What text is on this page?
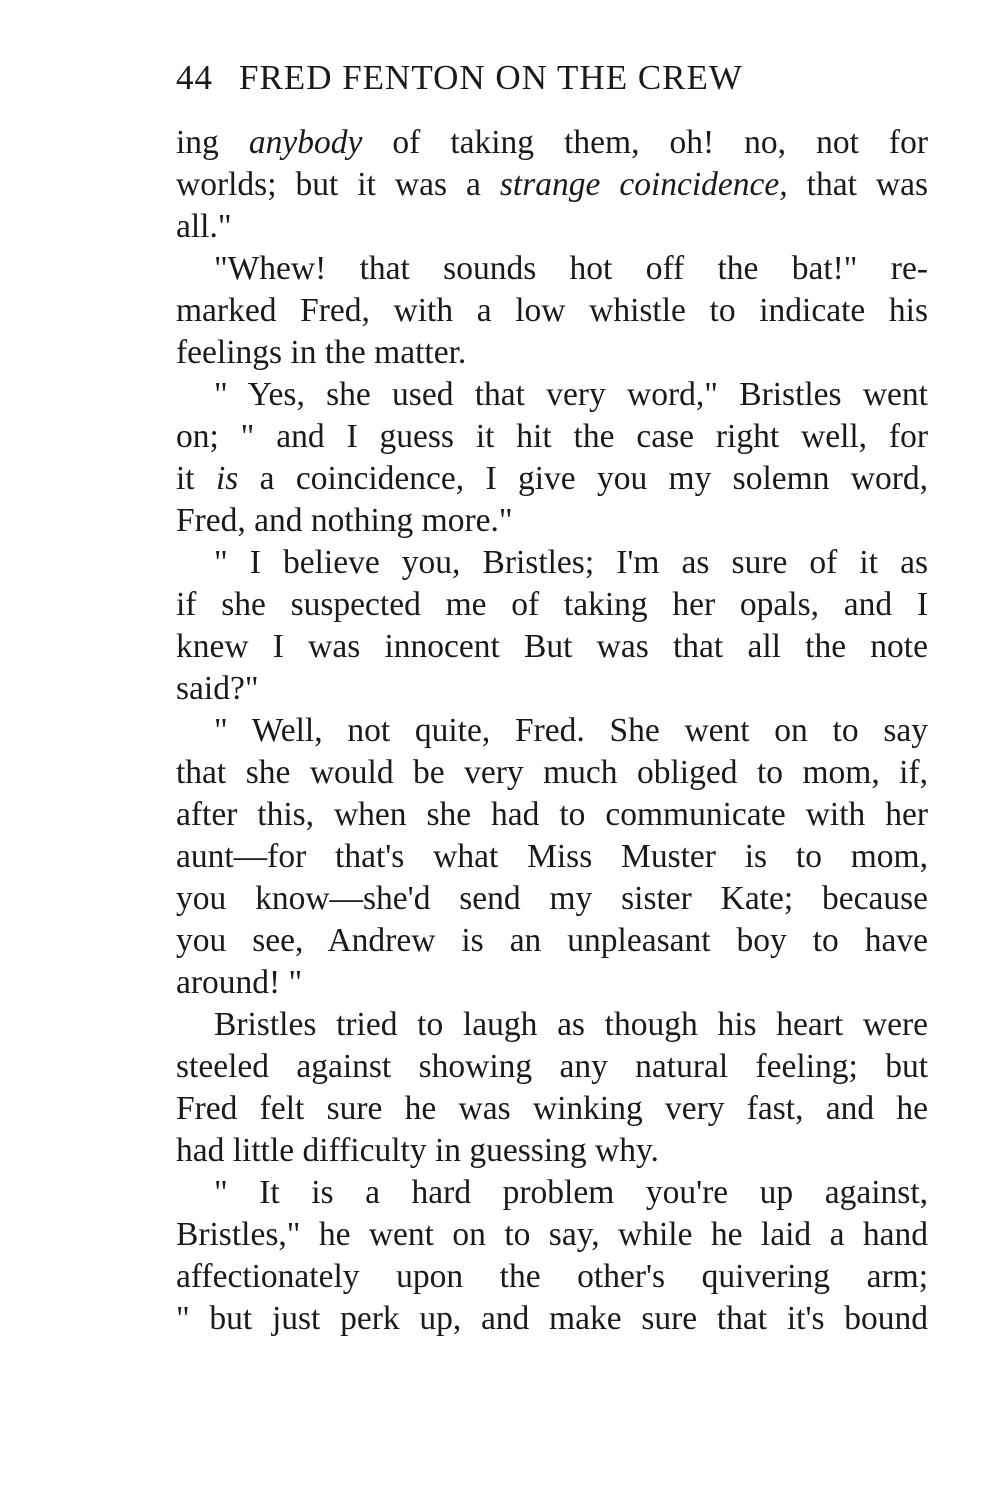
44 FRED FENTON ON THE CREW
ing anybody of taking them, oh! no, not for
worlds; but it was a strange coincidence, that was
all."
"Whew! that sounds hot off the bat!" re-
marked Fred, with a low whistle to indicate his
feelings in the matter.
" Yes, she used that very word," Bristles went
on; " and I guess it hit the case right well, for
it is a coincidence, I give you my solemn word,
Fred, and nothing more."
" I believe you, Bristles; I'm as sure of it as
if she suspected me of taking her opals, and I
knew I was innocent But was that all the note
said?"
" Well, not quite, Fred. She went on to say
that she would be very much obliged to mom, if,
after this, when she had to communicate with her
aunt—for that's what Miss Muster is to mom,
you know—she'd send my sister Kate; because
you see, Andrew is an unpleasant boy to have
around! "
Bristles tried to laugh as though his heart were
steeled against showing any natural feeling; but
Fred felt sure he was winking very fast, and he
had little difficulty in guessing why.
" It is a hard problem you're up against,
Bristles," he went on to say, while he laid a hand
affectionately upon the other's quivering arm;
" but just perk up, and make sure that it's bound
